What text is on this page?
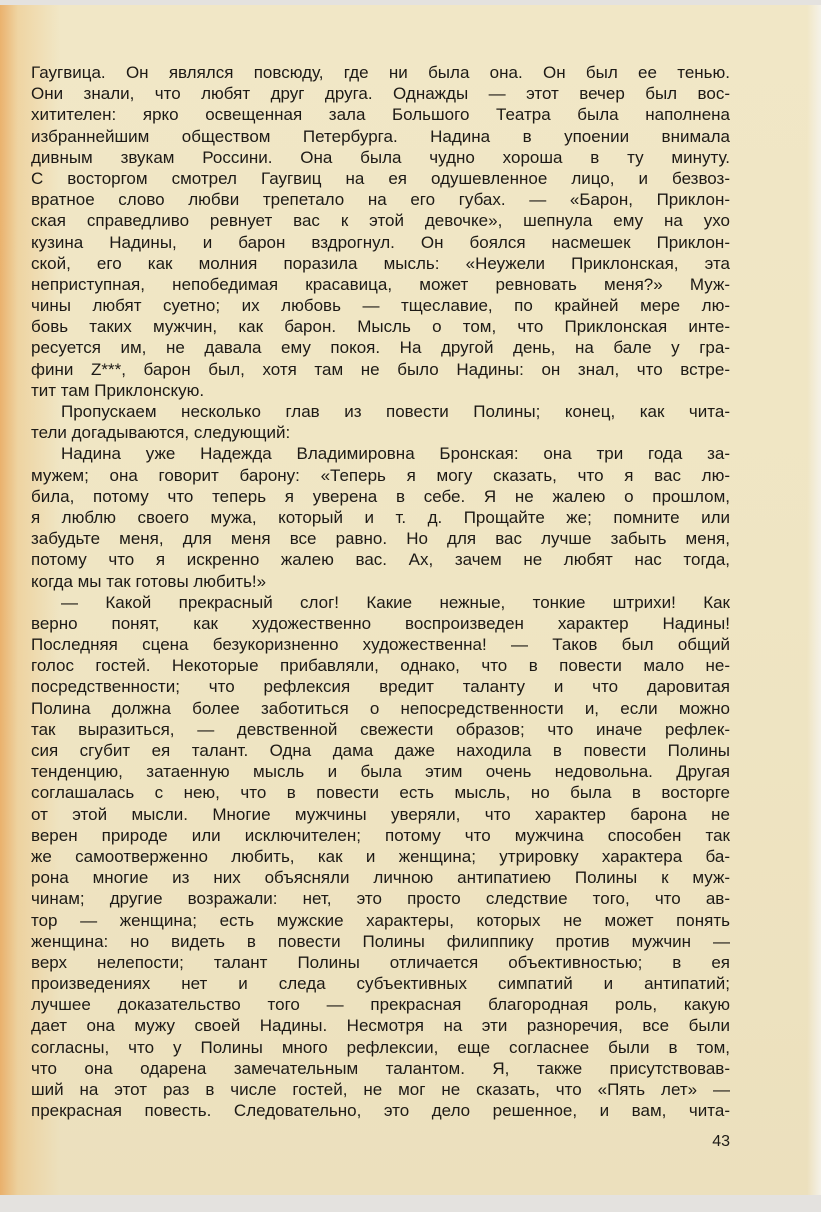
Гаугвица. Он являлся повсюду, где ни была она. Он был ее тенью.
Они знали, что любят друг друга. Однажды — этот вечер был вос-
хитителен: ярко освещенная зала Большого Театра была наполнена
избраннейшим обществом Петербурга. Надина в упоении внимала
дивным звукам Россини. Она была чудно хороша в ту минуту.
С восторгом смотрел Гаугвиц на ея одушевленное лицо, и безвоз-
вратное слово любви трепетало на его губах. — «Барон, Приклон-
ская справедливо ревнует вас к этой девочке», шепнула ему на ухо
кузина Надины, и барон вздрогнул. Он боялся насмешек Приклон-
ской, его как молния поразила мысль: «Неужели Приклонская, эта
неприступная, непобедимая красавица, может ревновать меня?» Муж-
чины любят суетно; их любовь — тщеславие, по крайней мере лю-
бовь таких мужчин, как барон. Мысль о том, что Приклонская инте-
ресуется им, не давала ему покоя. На другой день, на бале у гра-
фини Z***, барон был, хотя там не было Надины: он знал, что встре-
тит там Приклонскую.
Пропускаем несколько глав из повести Полины; конец, как чита-
тели догадываются, следующий:
Надина уже Надежда Владимировна Бронская: она три года за-
мужем; она говорит барону: «Теперь я могу сказать, что я вас лю-
била, потому что теперь я уверена в себе. Я не жалею о прошлом,
я люблю своего мужа, который и т. д. Прощайте же; помните или
забудьте меня, для меня все равно. Но для вас лучше забыть меня,
потому что я искренно жалею вас. Ах, зачем не любят нас тогда,
когда мы так готовы любить!»
— Какой прекрасный слог! Какие нежные, тонкие штрихи! Как
верно понят, как художественно воспроизведен характер Надины!
Последняя сцена безукоризненно художественна! — Таков был общий
голос гостей. Некоторые прибавляли, однако, что в повести мало не-
посредственности; что рефлексия вредит таланту и что даровитая
Полина должна более заботиться о непосредственности и, если можно
так выразиться, — девственной свежести образов; что иначе рефлек-
сия сгубит ея талант. Одна дама даже находила в повести Полины
тенденцию, затаенную мысль и была этим очень недовольна. Другая
соглашалась с нею, что в повести есть мысль, но была в восторге
от этой мысли. Многие мужчины уверяли, что характер барона не
верен природе или исключителен; потому что мужчина способен так
же самоотверженно любить, как и женщина; утрировку характера ба-
рона многие из них объясняли личною антипатиею Полины к муж-
чинам; другие возражали: нет, это просто следствие того, что ав-
тор — женщина; есть мужские характеры, которых не может понять
женщина: но видеть в повести Полины филиппику против мужчин —
верх нелепости; талант Полины отличается объективностью; в ея
произведениях нет и следа субъективных симпатий и антипатий;
лучшее доказательство того — прекрасная благородная роль, какую
дает она мужу своей Надины. Несмотря на эти разноречия, все были
согласны, что у Полины много рефлексии, еще согласнее были в том,
что она одарена замечательным талантом. Я, также присутствовав-
ший на этот раз в числе гостей, не мог не сказать, что «Пять лет» —
прекрасная повесть. Следовательно, это дело решенное, и вам, чита-
43
